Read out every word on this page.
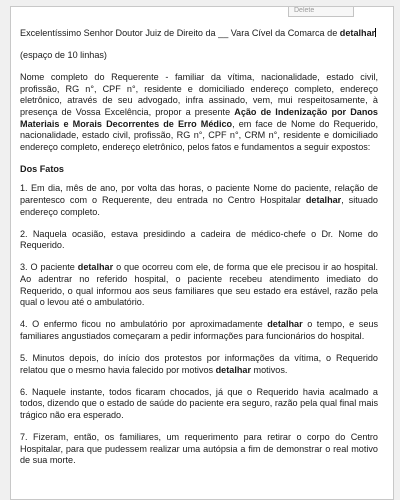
Delete

Excelentíssimo Senhor Doutor Juiz de Direito da __ Vara Cível da Comarca de detalhar

(espaço de 10 linhas)

Nome completo do Requerente - familiar da vítima, nacionalidade, estado civil, profissão, RG n°, CPF n°, residente e domiciliado endereço completo, endereço eletrônico, através de seu advogado, infra assinado, vem, mui respeitosamente, à presença de Vossa Excelência, propor a presente Ação de Indenização por Danos Materiais e Morais Decorrentes de Erro Médico, em face de Nome do Requerido, nacionalidade, estado civil, profissão, RG n°, CPF n°, CRM n°, residente e domiciliado endereço completo, endereço eletrônico, pelos fatos e fundamentos a seguir expostos:

Dos Fatos

1. Em dia, mês de ano, por volta das horas, o paciente Nome do paciente, relação de parentesco com o Requerente, deu entrada no Centro Hospitalar detalhar, situado endereço completo.

2. Naquela ocasião, estava presidindo a cadeira de médico-chefe o Dr. Nome do Requerido.

3. O paciente detalhar o que ocorreu com ele, de forma que ele precisou ir ao hospital. Ao adentrar no referido hospital, o paciente recebeu atendimento imediato do Requerido, o qual informou aos seus familiares que seu estado era estável, razão pela qual o levou até o ambulatório.

4. O enfermo ficou no ambulatório por aproximadamente detalhar o tempo, e seus familiares angustiados começaram a pedir informações para funcionários do hospital.

5. Minutos depois, do início dos protestos por informações da vítima, o Requerido relatou que o mesmo havia falecido por motivos detalhar motivos.

6. Naquele instante, todos ficaram chocados, já que o Requerido havia acalmado a todos, dizendo que o estado de saúde do paciente era seguro, razão pela qual final mais trágico não era esperado.

7. Fizeram, então, os familiares, um requerimento para retirar o corpo do Centro Hospitalar, para que pudessem realizar uma autópsia a fim de demonstrar o real motivo de sua morte.
